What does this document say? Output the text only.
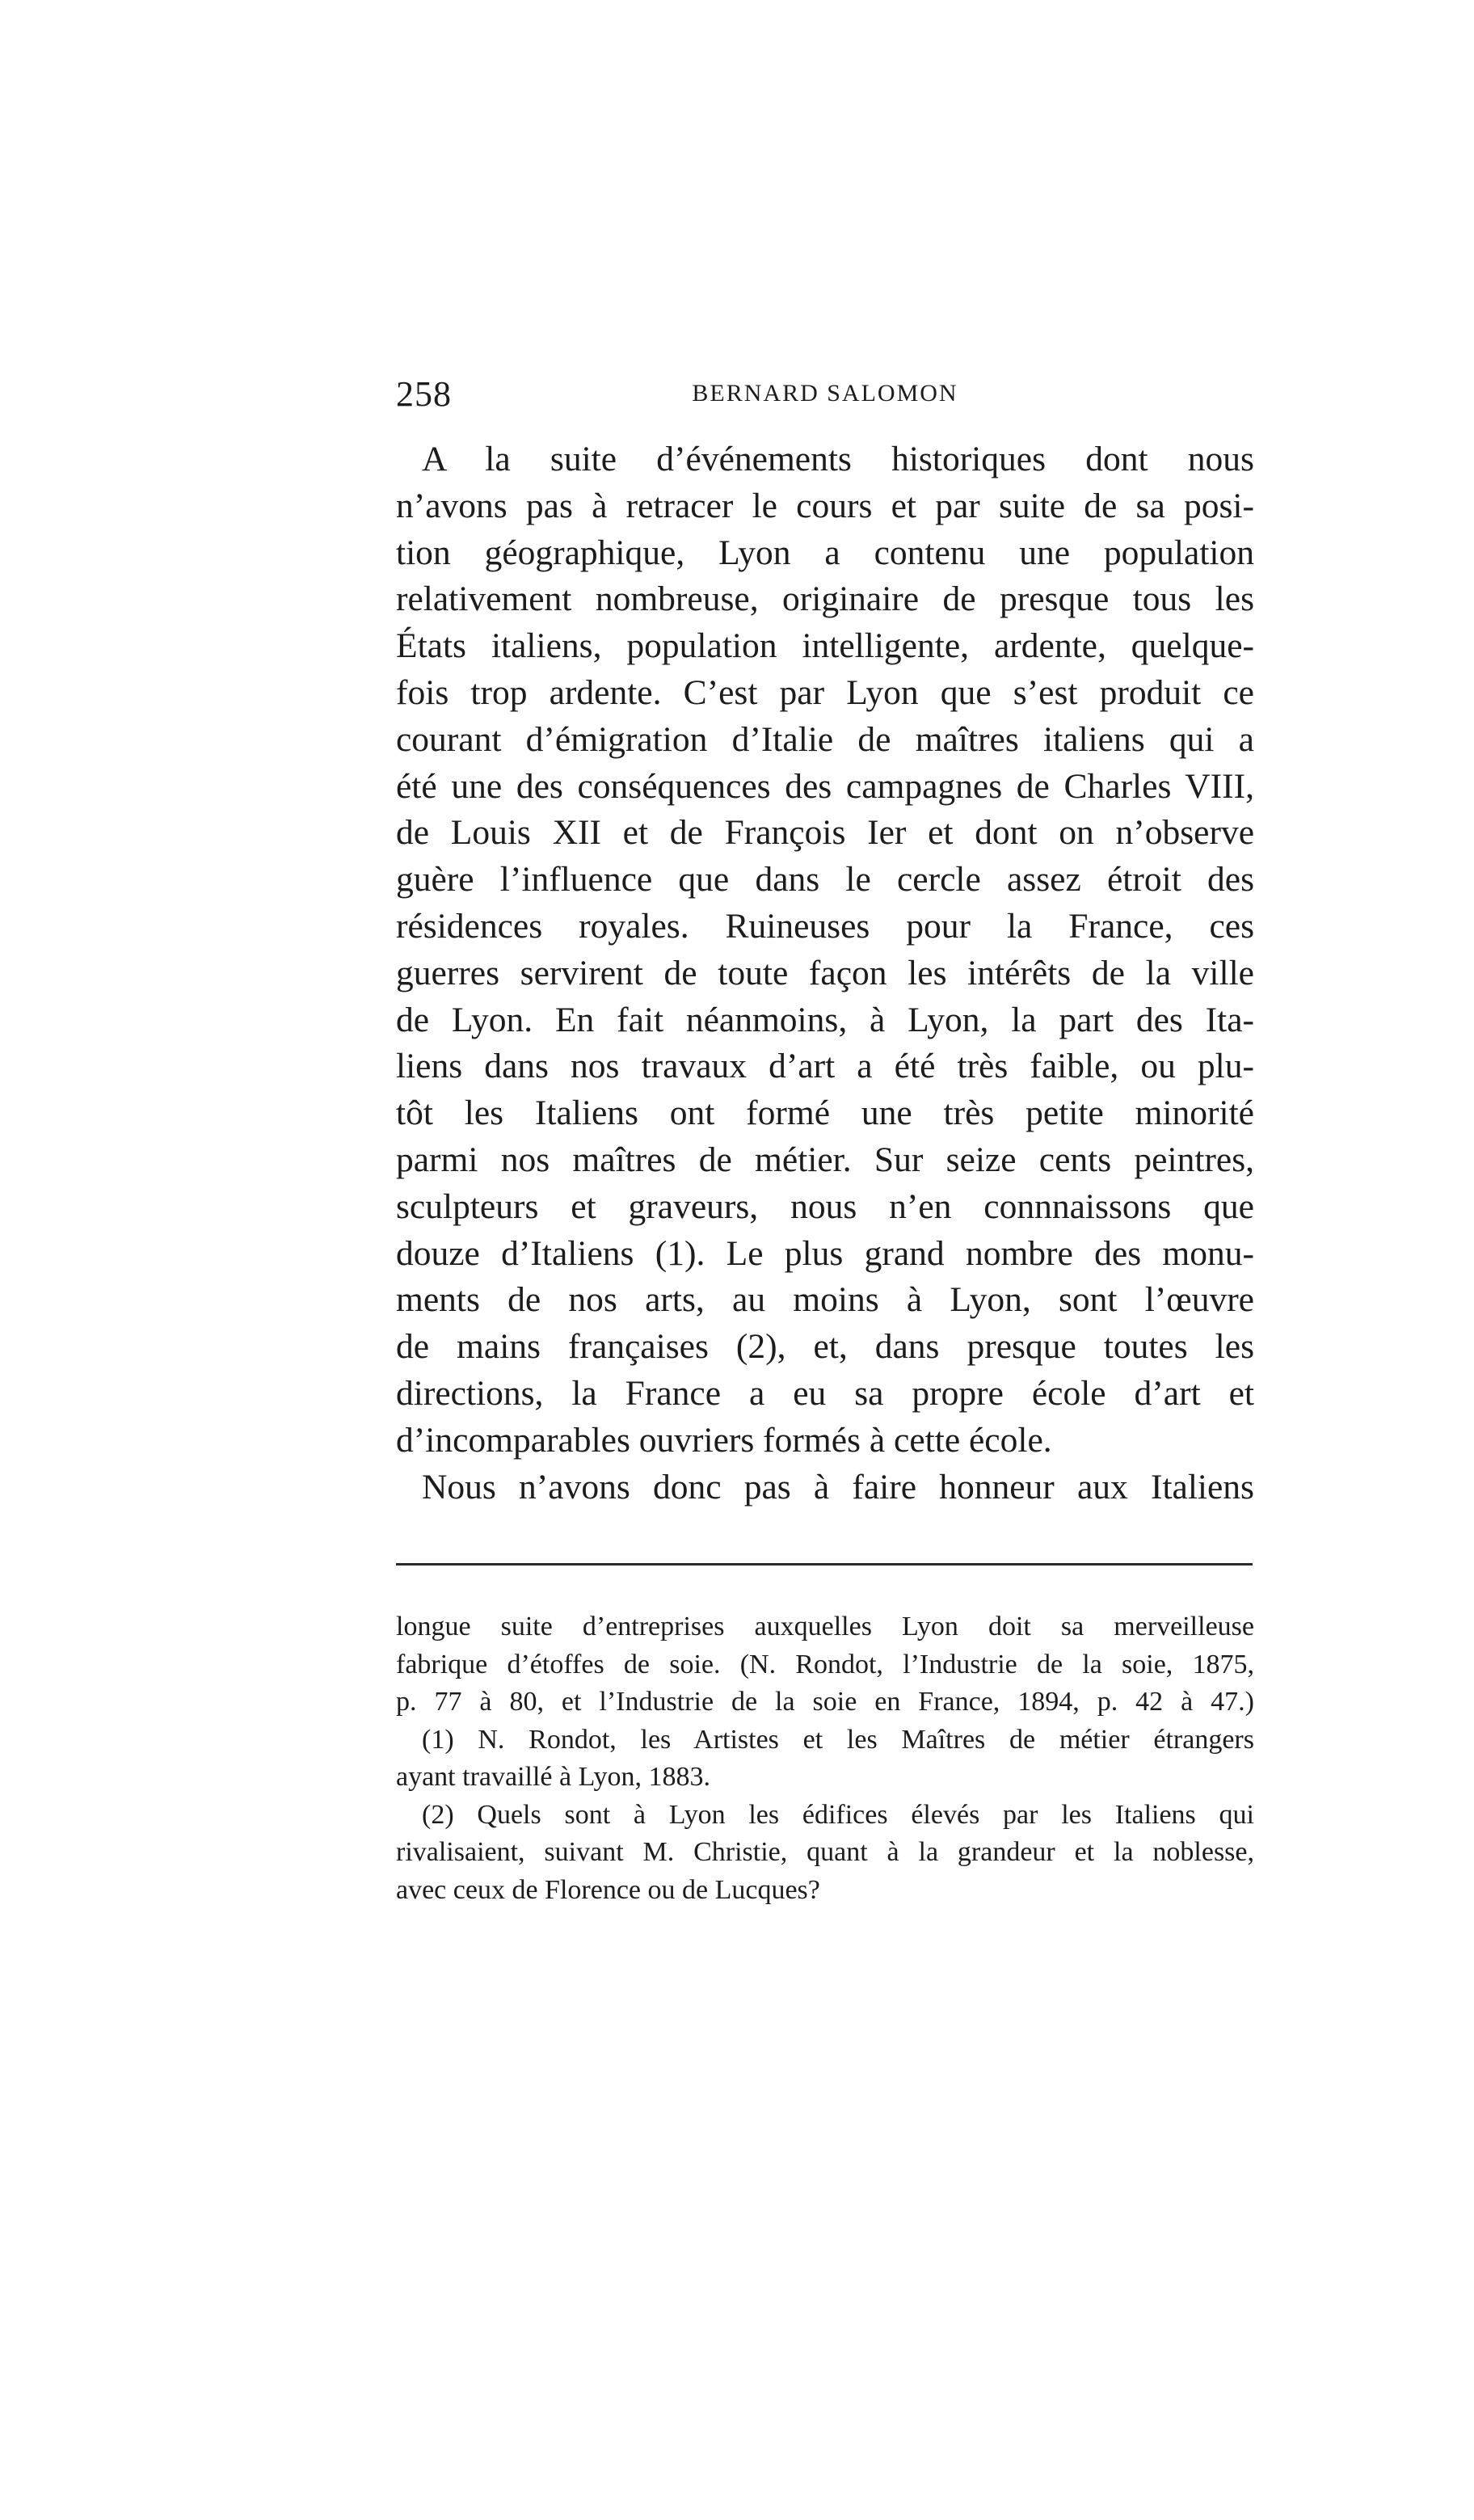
258	BERNARD SALOMON
A la suite d’événements historiques dont nous
n’avons pas à retracer le cours et par suite de sa posi-
tion géographique, Lyon a contenu une population
relativement nombreuse, originaire de presque tous les
États italiens, population intelligente, ardente, quelque-
fois trop ardente. C’est par Lyon que s’est produit ce
courant d’émigration d’Italie de maîtres italiens qui a
été une des conséquences des campagnes de Charles VIII,
de Louis XII et de François Ier et dont on n’observe
guère l’influence que dans le cercle assez étroit des
résidences royales. Ruineuses pour la France, ces
guerres servirent de toute façon les intérêts de la ville
de Lyon. En fait néanmoins, à Lyon, la part des Ita-
liens dans nos travaux d’art a été très faible, ou plu-
tôt les Italiens ont formé une très petite minorité
parmi nos maîtres de métier. Sur seize cents peintres,
sculpteurs et graveurs, nous n’en connnaissons que
douze d’Italiens (1). Le plus grand nombre des monu-
ments de nos arts, au moins à Lyon, sont l’œuvre
de mains françaises (2), et, dans presque toutes les
directions, la France a eu sa propre école d’art et
d’incomparables ouvriers formés à cette école.
Nous n’avons donc pas à faire honneur aux Italiens
longue suite d’entreprises auxquelles Lyon doit sa merveilleuse
fabrique d’étoffes de soie. (N. Rondot, l’Industrie de la soie, 1875,
p. 77 à 80, et l’Industrie de la soie en France, 1894, p. 42 à 47.)
(1) N. Rondot, les Artistes et les Maîtres de métier étrangers
ayant travaillé à Lyon, 1883.
(2) Quels sont à Lyon les édifices élevés par les Italiens qui
rivalisaient, suivant M. Christie, quant à la grandeur et la noblesse,
avec ceux de Florence ou de Lucques?
